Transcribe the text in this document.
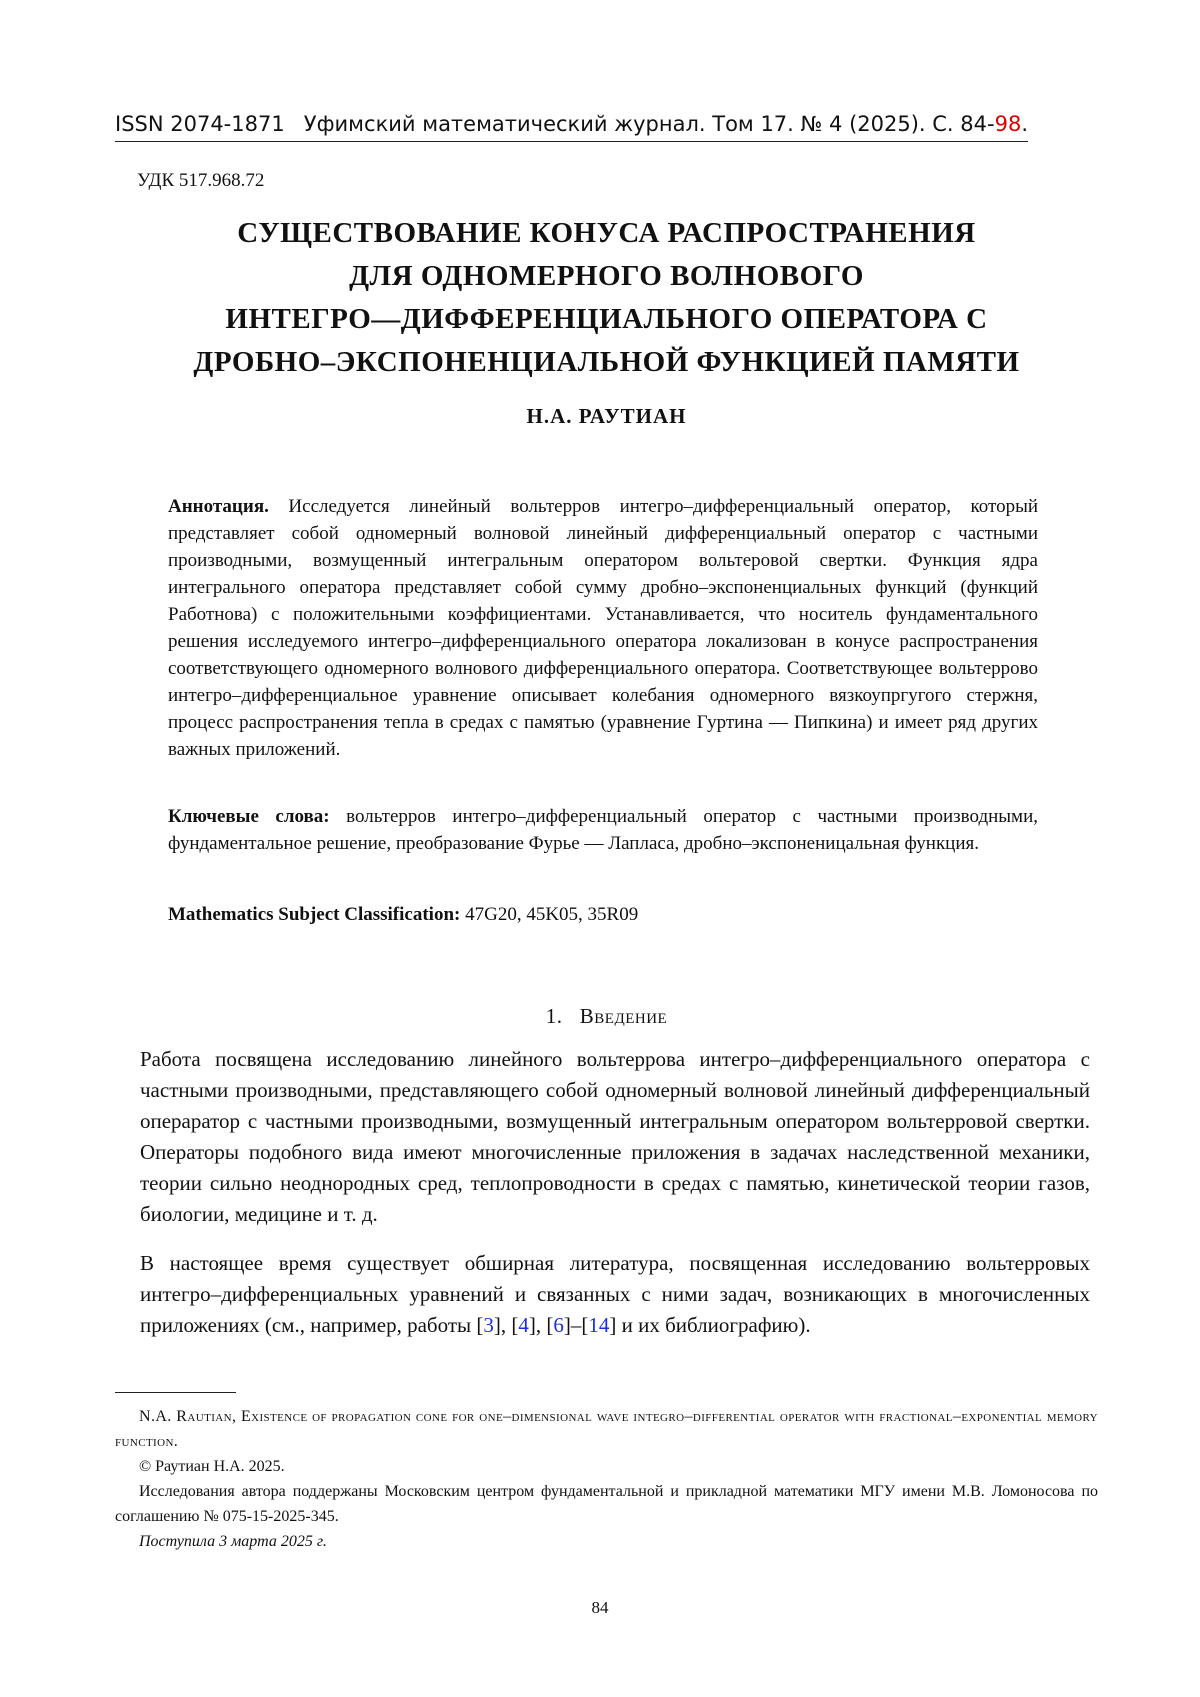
ISSN 2074-1871 Уфимский математический журнал. Том 17. № 4 (2025). С. 84-98.
УДК 517.968.72
СУЩЕСТВОВАНИЕ КОНУСА РАСПРОСТРАНЕНИЯ
ДЛЯ ОДНОМЕРНОГО ВОЛНОВОГО
ИНТЕГРО—ДИФФЕРЕНЦИАЛЬНОГО ОПЕРАТОРА С
ДРОБНО–ЭКСПОНЕНЦИАЛЬНОЙ ФУНКЦИЕЙ ПАМЯТИ
Н.А. РАУТИАН
Аннотация. Исследуется линейный вольтерров интегро–дифференциальный оператор, который представляет собой одномерный волновой линейный дифференциальный оператор с частными производными, возмущенный интегральным оператором вольтеровой свертки. Функция ядра интегрального оператора представляет собой сумму дробно–экспоненциальных функций (функций Работнова) с положительными коэффициентами. Устанавливается, что носитель фундаментального решения исследуемого интегро–дифференциального оператора локализован в конусе распространения соответствующего одномерного волнового дифференциального оператора. Соответствующее вольтеррово интегро–дифференциальное уравнение описывает колебания одномерного вязкоупргугого стержня, процесс распространения тепла в средах с памятью (уравнение Гуртина — Пипкина) и имеет ряд других важных приложений.
Ключевые слова: вольтерров интегро–дифференциальный оператор с частными производными, фундаментальное решение, преобразование Фурье — Лапласа, дробно–экспоненицальная функция.
Mathematics Subject Classification: 47G20, 45K05, 35R09
1. Введение
Работа посвящена исследованию линейного вольтеррова интегро–дифференциального оператора с частными производными, представляющего собой одномерный волновой линейный дифференциальный оперaратор с частными производными, возмущенный интегральным оператором вольтерровой свертки. Операторы подобного вида имеют многочисленные приложения в задачах наследственной механики, теории сильно неоднородных сред, теплопроводности в средах с памятью, кинетической теории газов, биологии, медицине и т. д.
В настоящее время существует обширная литература, посвященная исследованию вольтерровых интегро–дифференциальных уравнений и связанных с ними задач, возникающих в многочисленных приложениях (см., например, работы [3], [4], [6]–[14] и их библиографию).

N.A. Rautian, Existence of propagation cone for one–dimensional wave integro–differential operator with fractional–exponential memory function.

© Раутиан Н.А. 2025.

Исследования автора поддержаны Московским центром фундаментальной и прикладной математики МГУ имени М.В. Ломоносова по соглашению № 075-15-2025-345.

Поступила 3 марта 2025 г.

84
